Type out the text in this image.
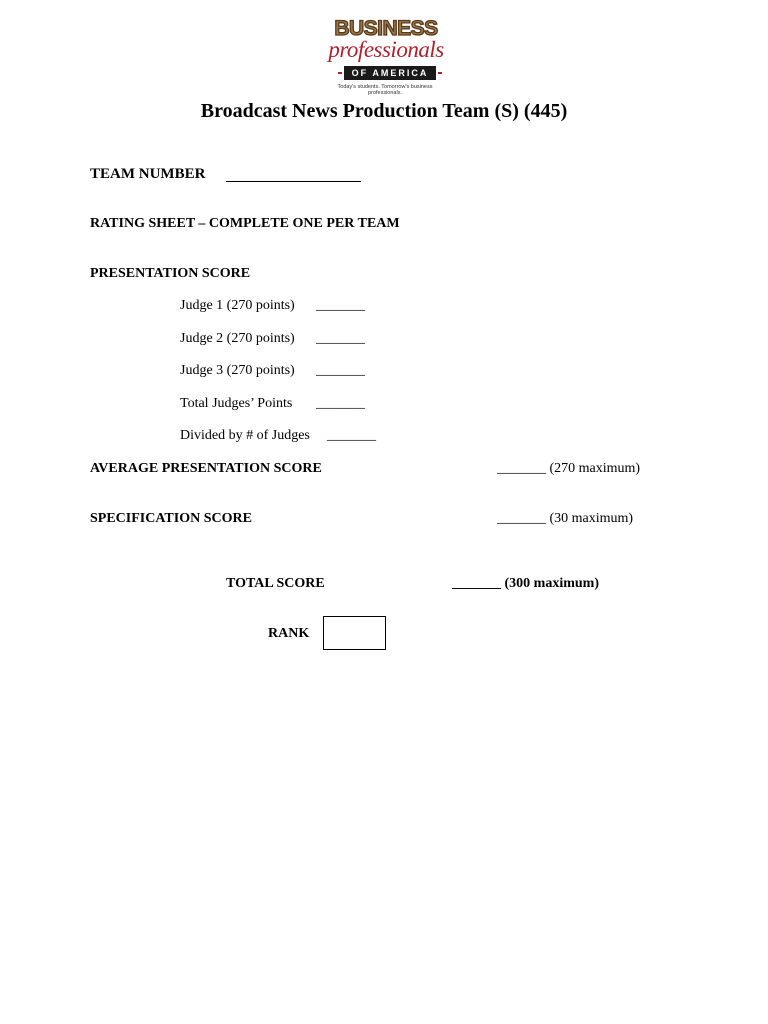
BUSINESS
professionals
OF AMERICA
Today's students. Tomorrow's business professionals.
Broadcast News Production Team (S) (445)
TEAM NUMBER
RATING SHEET – COMPLETE ONE PER TEAM
PRESENTATION SCORE
Judge 1 (270 points) _______
Judge 2 (270 points) _______
Judge 3 (270 points) _______
Total Judges’ Points _______
Divided by # of Judges _______
AVERAGE PRESENTATION SCORE	_______ (270 maximum)
SPECIFICATION SCORE	_______ (30 maximum)
TOTAL SCORE	_______ (300 maximum)
RANK
